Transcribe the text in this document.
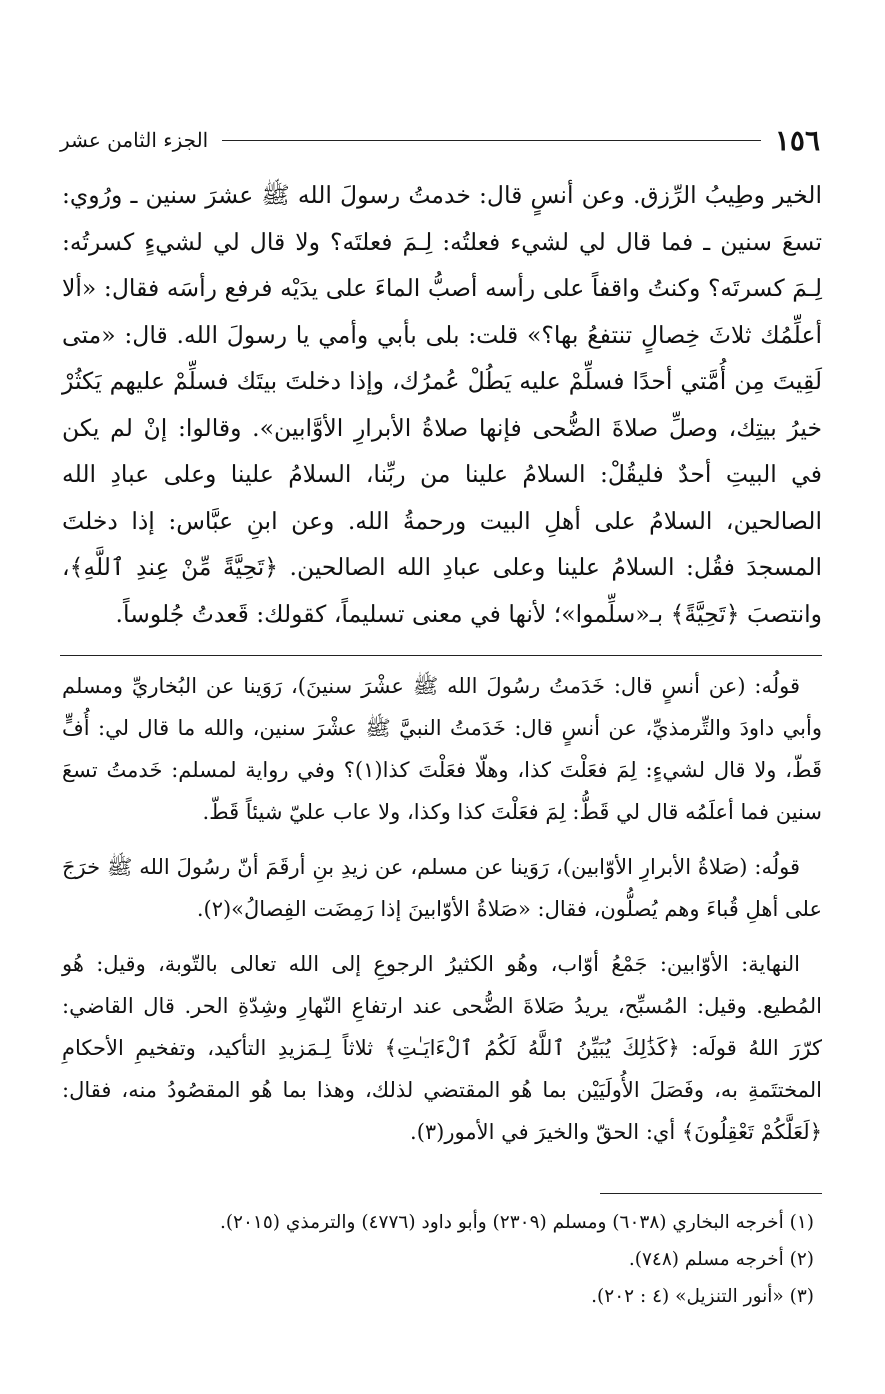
١٥٦
الجزء الثامن عشر
الخير وطِيبُ الرِّزق. وعن أنسٍ قال: خدمتُ رسولَ الله ﷺ عشرَ سنين ـ ورُوي: تسعَ سنين ـ فما قال لي لشيء فعلتُه: لِـمَ فعلتَه؟ ولا قال لي لشيءٍ كسرتُه: لِـمَ كسرتَه؟ وكنتُ واقفاً على رأسه أصبُّ الماءَ على يدَيْه فرفع رأسَه فقال: «ألا أعلِّمُك ثلاثَ خِصالٍ تنتفعُ بها؟» قلت: بلى بأبي وأمي يا رسولَ الله. قال: «متى لَقِيتَ مِن أُمَّتي أحدًا فسلِّمْ عليه يَطُلْ عُمرُك، وإذا دخلتَ بيتَك فسلِّمْ عليهم يَكثُرْ خيرُ بيتِك، وصلِّ صلاةَ الضُّحى فإنها صلاةُ الأبرارِ الأوَّابين». وقالوا: إنْ لم يكن في البيتِ أحدٌ فليقُلْ: السلامُ علينا من ربِّنا، السلامُ علينا وعلى عبادِ الله الصالحين، السلامُ على أهلِ البيت ورحمةُ الله. وعن ابنِ عبَّاس: إذا دخلتَ المسجدَ فقُل: السلامُ علينا وعلى عبادِ الله الصالحين. ﴿تَحِيَّةً مِّنْ عِندِ ٱللَّهِ﴾، وانتصبَ ﴿تَحِيَّةً﴾ بـ«سلِّموا»؛ لأنها في معنى تسليماً، كقولك: قَعدتُ جُلوساً.

قولُه: (عن أنسٍ قال: خَدَمتُ رسُولَ الله ﷺ عشْرَ سنينَ)، رَوَينا عن البُخاريِّ ومسلم وأبي داودَ والتِّرمذيِّ، عن أنسٍ قال: خَدَمتُ النبيَّ ﷺ عشْرَ سنين، والله ما قال لي: أُفٍّ قَطّ، ولا قال لشيءٍ: لِمَ فعَلْتَ كذا، وهلّا فعَلْتَ كذا(١)؟ وفي رواية لمسلم: خَدمتُ تسعَ سنين فما أعلَمُه قال لي قَطُّ: لِمَ فعَلْتَ كذا وكذا، ولا عاب عليّ شيئاً قَطّ.

قولُه: (صَلاةُ الأبرارِ الأوّابين)، رَوَينا عن مسلم، عن زيدِ بنِ أرقَمَ أنّ رسُولَ الله ﷺ خرَجَ على أهلِ قُباءَ وهم يُصلُّون، فقال: «صَلاةُ الأوّابينَ إذا رَمِضَت الفِصالُ»(٢).

النهاية: الأوّابين: جَمْعُ أوّاب، وهُو الكثيرُ الرجوعِ إلى الله تعالى بالتّوبة، وقيل: هُو المُطيع. وقيل: المُسبِّح، يريدُ صَلاةَ الضُّحى عند ارتفاعِ النّهارِ وشِدّةِ الحر. قال القاضي: كرّرَ اللهُ قولَه: ﴿كَذَٰلِكَ يُبَيِّنُ ٱللَّهُ لَكُمُ ٱلْءَايَـٰتِ﴾ ثلاثاً لِـمَزيدِ التأكيد، وتفخيمِ الأحكامِ المختتَمةِ به، وفَصَلَ الأُولَيَيْن بما هُو المقتضي لذلك، وهذا بما هُو المقصُودُ منه، فقال: ﴿لَعَلَّكُمْ تَعْقِلُونَ﴾ أي: الحقّ والخيرَ في الأمور(٣).

(١) أخرجه البخاري (٦٠٣٨) ومسلم (٢٣٠٩) وأبو داود (٤٧٧٦) والترمذي (٢٠١٥).
(٢) أخرجه مسلم (٧٤٨).
(٣) «أنور التنزيل» (٤ : ٢٠٢).
